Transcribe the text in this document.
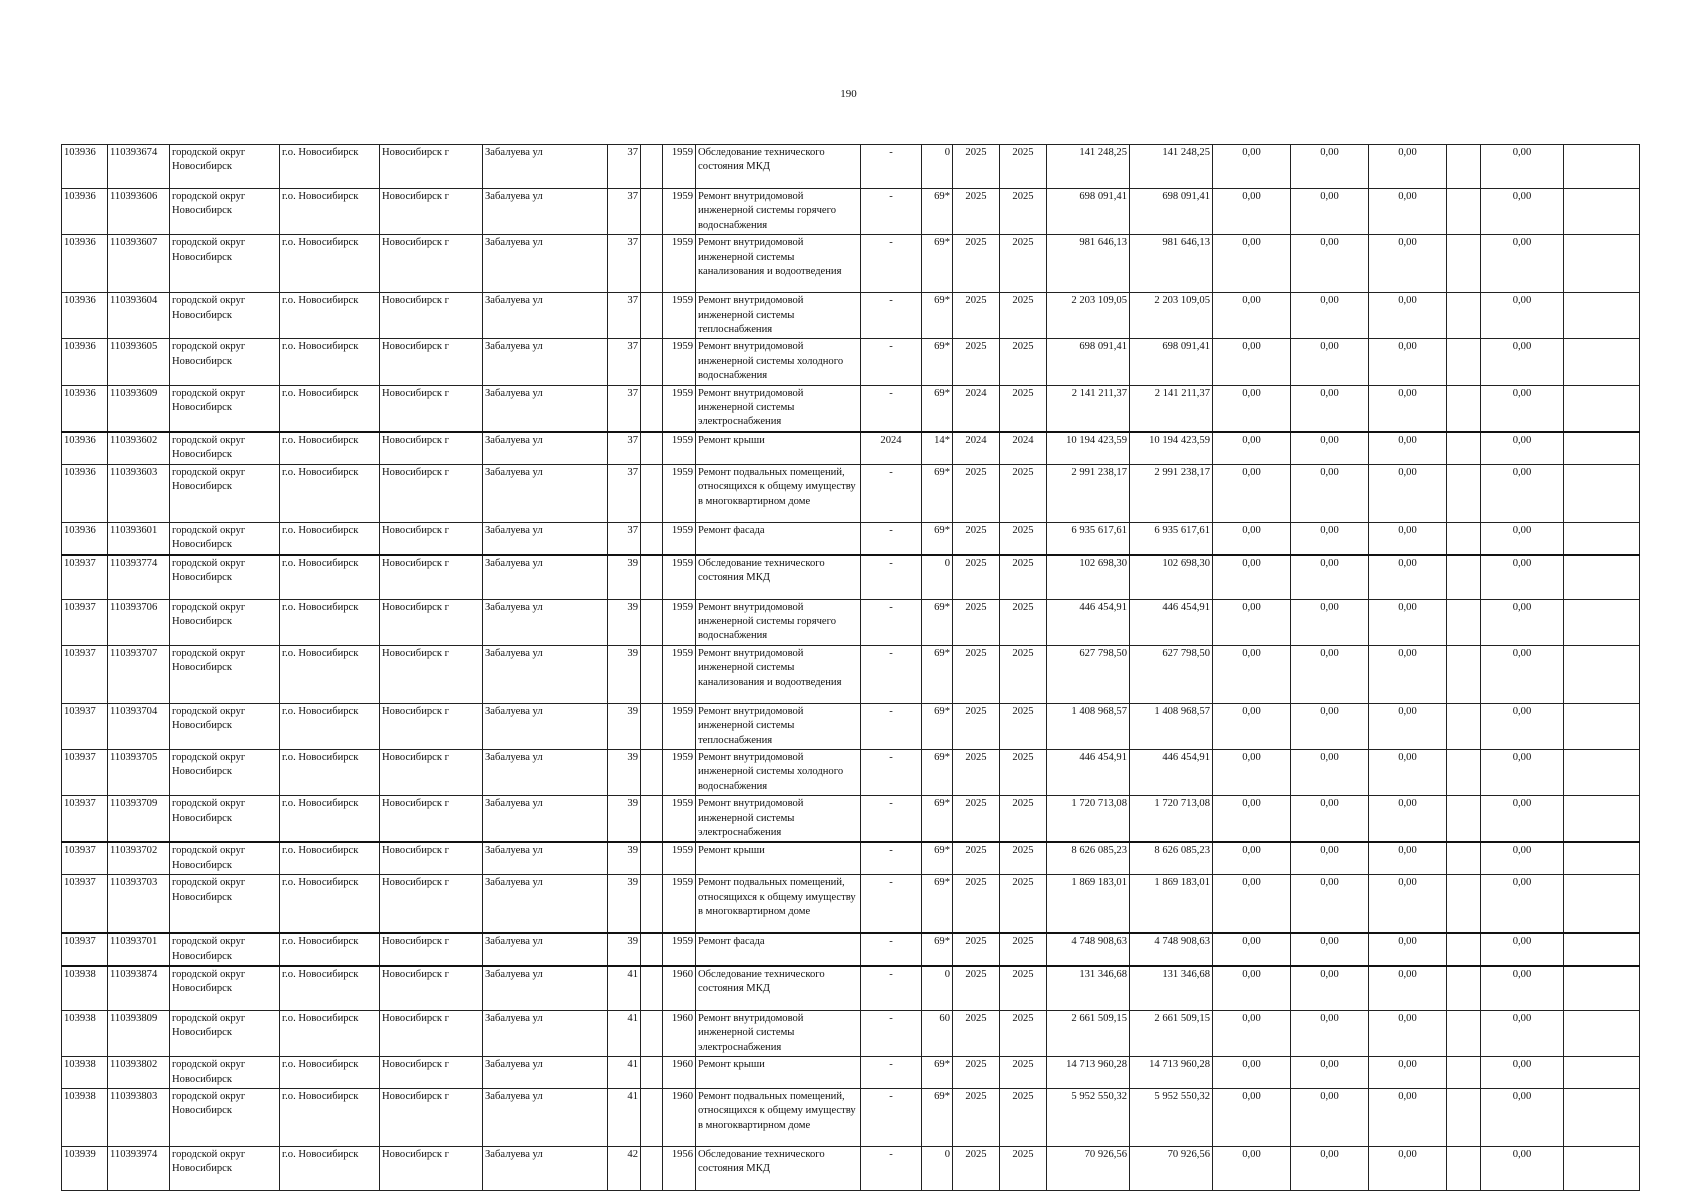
190
103936	110393674	городской округ Новосибирск	г.о. Новосибирск	Новосибирск г	Забалуева ул	37		1959	Обследование технического состояния МКД	-	0	2025	2025	141 248,25	141 248,25	0,00	0,00	0,00		0,00	
103936	110393606	городской округ Новосибирск	г.о. Новосибирск	Новосибирск г	Забалуева ул	37		1959	Ремонт внутридомовой инженерной системы горячего водоснабжения	-	69*	2025	2025	698 091,41	698 091,41	0,00	0,00	0,00		0,00	
103936	110393607	городской округ Новосибирск	г.о. Новосибирск	Новосибирск г	Забалуева ул	37		1959	Ремонт внутридомовой инженерной системы канализования и водоотведения	-	69*	2025	2025	981 646,13	981 646,13	0,00	0,00	0,00		0,00	
103936	110393604	городской округ Новосибирск	г.о. Новосибирск	Новосибирск г	Забалуева ул	37		1959	Ремонт внутридомовой инженерной системы теплоснабжения	-	69*	2025	2025	2 203 109,05	2 203 109,05	0,00	0,00	0,00		0,00	
103936	110393605	городской округ Новосибирск	г.о. Новосибирск	Новосибирск г	Забалуева ул	37		1959	Ремонт внутридомовой инженерной системы холодного водоснабжения	-	69*	2025	2025	698 091,41	698 091,41	0,00	0,00	0,00		0,00	
103936	110393609	городской округ Новосибирск	г.о. Новосибирск	Новосибирск г	Забалуева ул	37		1959	Ремонт внутридомовой инженерной системы электроснабжения	-	69*	2024	2025	2 141 211,37	2 141 211,37	0,00	0,00	0,00		0,00	
103936	110393602	городской округ Новосибирск	г.о. Новосибирск	Новосибирск г	Забалуева ул	37		1959	Ремонт крыши	2024	14*	2024	2024	10 194 423,59	10 194 423,59	0,00	0,00	0,00		0,00	
103936	110393603	городской округ Новосибирск	г.о. Новосибирск	Новосибирск г	Забалуева ул	37		1959	Ремонт подвальных помещений, относящихся к общему имуществу в многоквартирном доме	-	69*	2025	2025	2 991 238,17	2 991 238,17	0,00	0,00	0,00		0,00	
103936	110393601	городской округ Новосибирск	г.о. Новосибирск	Новосибирск г	Забалуева ул	37		1959	Ремонт фасада	-	69*	2025	2025	6 935 617,61	6 935 617,61	0,00	0,00	0,00		0,00	
103937	110393774	городской округ Новосибирск	г.о. Новосибирск	Новосибирск г	Забалуева ул	39		1959	Обследование технического состояния МКД	-	0	2025	2025	102 698,30	102 698,30	0,00	0,00	0,00		0,00	
103937	110393706	городской округ Новосибирск	г.о. Новосибирск	Новосибирск г	Забалуева ул	39		1959	Ремонт внутридомовой инженерной системы горячего водоснабжения	-	69*	2025	2025	446 454,91	446 454,91	0,00	0,00	0,00		0,00	
103937	110393707	городской округ Новосибирск	г.о. Новосибирск	Новосибирск г	Забалуева ул	39		1959	Ремонт внутридомовой инженерной системы канализования и водоотведения	-	69*	2025	2025	627 798,50	627 798,50	0,00	0,00	0,00		0,00	
103937	110393704	городской округ Новосибирск	г.о. Новосибирск	Новосибирск г	Забалуева ул	39		1959	Ремонт внутридомовой инженерной системы теплоснабжения	-	69*	2025	2025	1 408 968,57	1 408 968,57	0,00	0,00	0,00		0,00	
103937	110393705	городской округ Новосибирск	г.о. Новосибирск	Новосибирск г	Забалуева ул	39		1959	Ремонт внутридомовой инженерной системы холодного водоснабжения	-	69*	2025	2025	446 454,91	446 454,91	0,00	0,00	0,00		0,00	
103937	110393709	городской округ Новосибирск	г.о. Новосибирск	Новосибирск г	Забалуева ул	39		1959	Ремонт внутридомовой инженерной системы электроснабжения	-	69*	2025	2025	1 720 713,08	1 720 713,08	0,00	0,00	0,00		0,00	
103937	110393702	городской округ Новосибирск	г.о. Новосибирск	Новосибирск г	Забалуева ул	39		1959	Ремонт крыши	-	69*	2025	2025	8 626 085,23	8 626 085,23	0,00	0,00	0,00		0,00	
103937	110393703	городской округ Новосибирск	г.о. Новосибирск	Новосибирск г	Забалуева ул	39		1959	Ремонт подвальных помещений, относящихся к общему имуществу в многоквартирном доме	-	69*	2025	2025	1 869 183,01	1 869 183,01	0,00	0,00	0,00		0,00	
103937	110393701	городской округ Новосибирск	г.о. Новосибирск	Новосибирск г	Забалуева ул	39		1959	Ремонт фасада	-	69*	2025	2025	4 748 908,63	4 748 908,63	0,00	0,00	0,00		0,00	
103938	110393874	городской округ Новосибирск	г.о. Новосибирск	Новосибирск г	Забалуева ул	41		1960	Обследование технического состояния МКД	-	0	2025	2025	131 346,68	131 346,68	0,00	0,00	0,00		0,00	
103938	110393809	городской округ Новосибирск	г.о. Новосибирск	Новосибирск г	Забалуева ул	41		1960	Ремонт внутридомовой инженерной системы электроснабжения	-	60	2025	2025	2 661 509,15	2 661 509,15	0,00	0,00	0,00		0,00	
103938	110393802	городской округ Новосибирск	г.о. Новосибирск	Новосибирск г	Забалуева ул	41		1960	Ремонт крыши	-	69*	2025	2025	14 713 960,28	14 713 960,28	0,00	0,00	0,00		0,00	
103938	110393803	городской округ Новосибирск	г.о. Новосибирск	Новосибирск г	Забалуева ул	41		1960	Ремонт подвальных помещений, относящихся к общему имуществу в многоквартирном доме	-	69*	2025	2025	5 952 550,32	5 952 550,32	0,00	0,00	0,00		0,00	
103939	110393974	городской округ Новосибирск	г.о. Новосибирск	Новосибирск г	Забалуева ул	42		1956	Обследование технического состояния МКД	-	0	2025	2025	70 926,56	70 926,56	0,00	0,00	0,00		0,00	
